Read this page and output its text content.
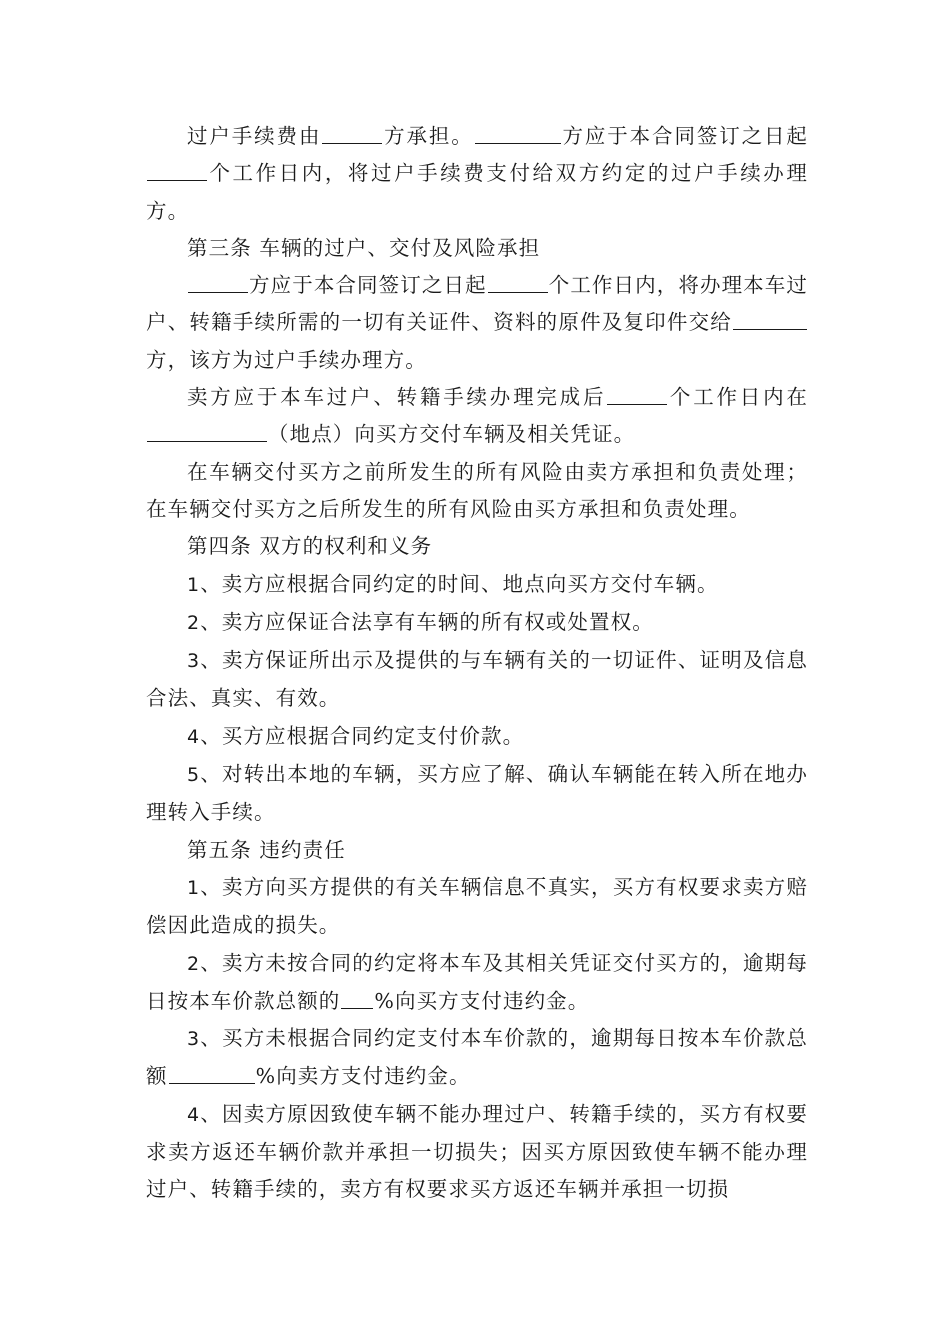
过户手续费由	方承担。	方应于本合同签订之日起个工作日内，将过户手续费支付给双方约定的过户手续办理方。

第三条 车辆的过户、交付及风险承担

方应于本合同签订之日起	个工作日内，将办理本车过户、转籍手续所需的一切有关证件、资料的原件及复印件交给方，该方为过户手续办理方。

卖方应于本车过户、转籍手续办理完成后	个工作日内在（地点）向买方交付车辆及相关凭证。

在车辆交付买方之前所发生的所有风险由卖方承担和负责处理；在车辆交付买方之后所发生的所有风险由买方承担和负责处理。

第四条 双方的权利和义务

1、卖方应根据合同约定的时间、地点向买方交付车辆。

2、卖方应保证合法享有车辆的所有权或处置权。

3、卖方保证所出示及提供的与车辆有关的一切证件、证明及信息合法、真实、有效。

4、买方应根据合同约定支付价款。

5、对转出本地的车辆，买方应了解、确认车辆能在转入所在地办理转入手续。

第五条 违约责任

1、卖方向买方提供的有关车辆信息不真实，买方有权要求卖方赔偿因此造成的损失。

2、卖方未按合同的约定将本车及其相关凭证交付买方的，逾期每日按本车价款总额的 %向买方支付违约金。

3、买方未根据合同约定支付本车价款的，逾期每日按本车价款总额	%向卖方支付违约金。

4、因卖方原因致使车辆不能办理过户、转籍手续的，买方有权要求卖方返还车辆价款并承担一切损失；因买方原因致使车辆不能办理过户、转籍手续的，卖方有权要求买方返还车辆并承担一切损
